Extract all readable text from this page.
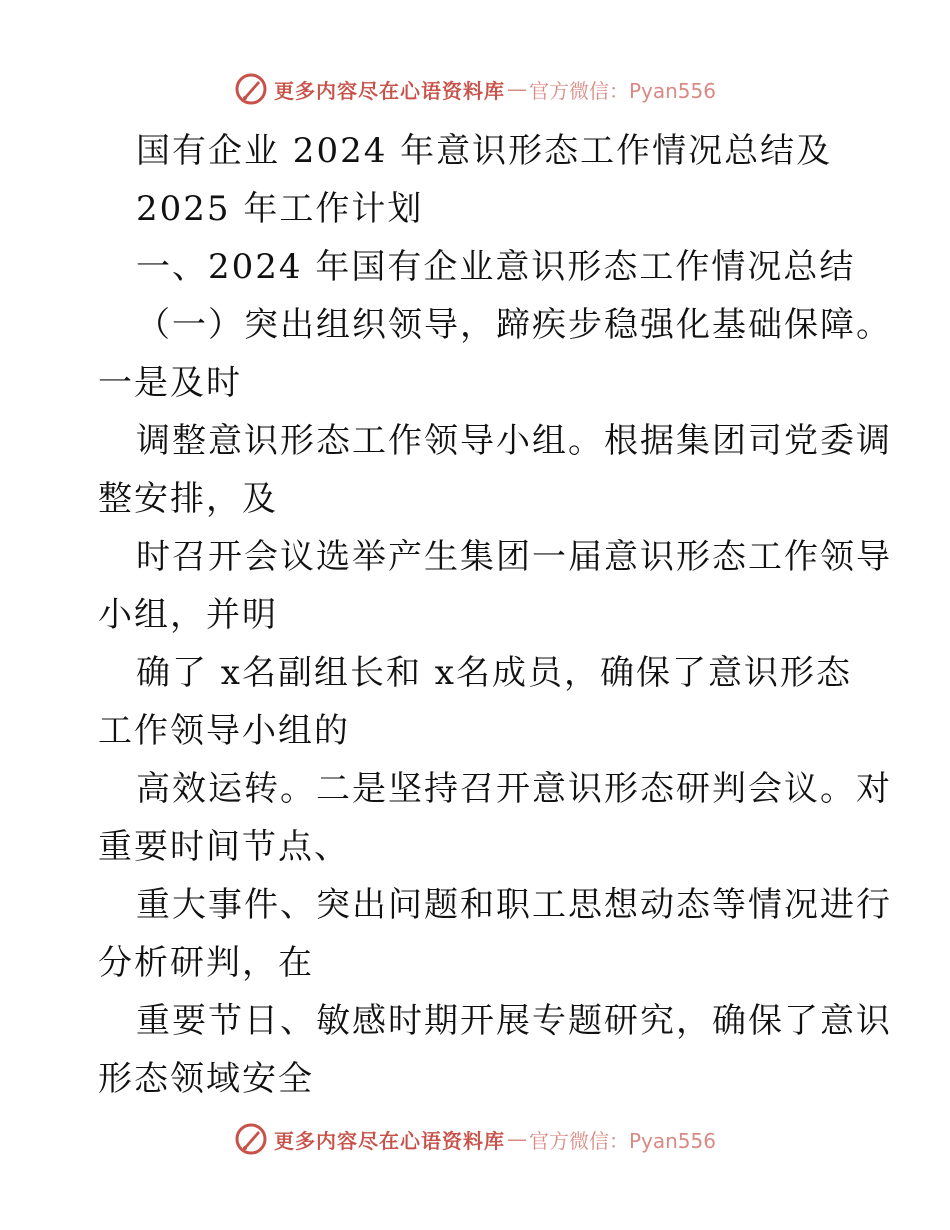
更多内容尽在心语资料库 — 官方微信：Pyan556
国有企业 2024 年意识形态工作情况总结及
2025 年工作计划
一、2024 年国有企业意识形态工作情况总结
（一）突出组织领导，蹄疾步稳强化基础保障。
一是及时
调整意识形态工作领导小组。根据集团司党委调
整安排，及
时召开会议选举产生集团一届意识形态工作领导
小组，并明
确了 x名副组长和 x名成员，确保了意识形态
工作领导小组的
高效运转。二是坚持召开意识形态研判会议。对
重要时间节点、
重大事件、突出问题和职工思想动态等情况进行
分析研判，在
重要节日、敏感时期开展专题研究，确保了意识
形态领域安全
更多内容尽在心语资料库 — 官方微信：Pyan556
